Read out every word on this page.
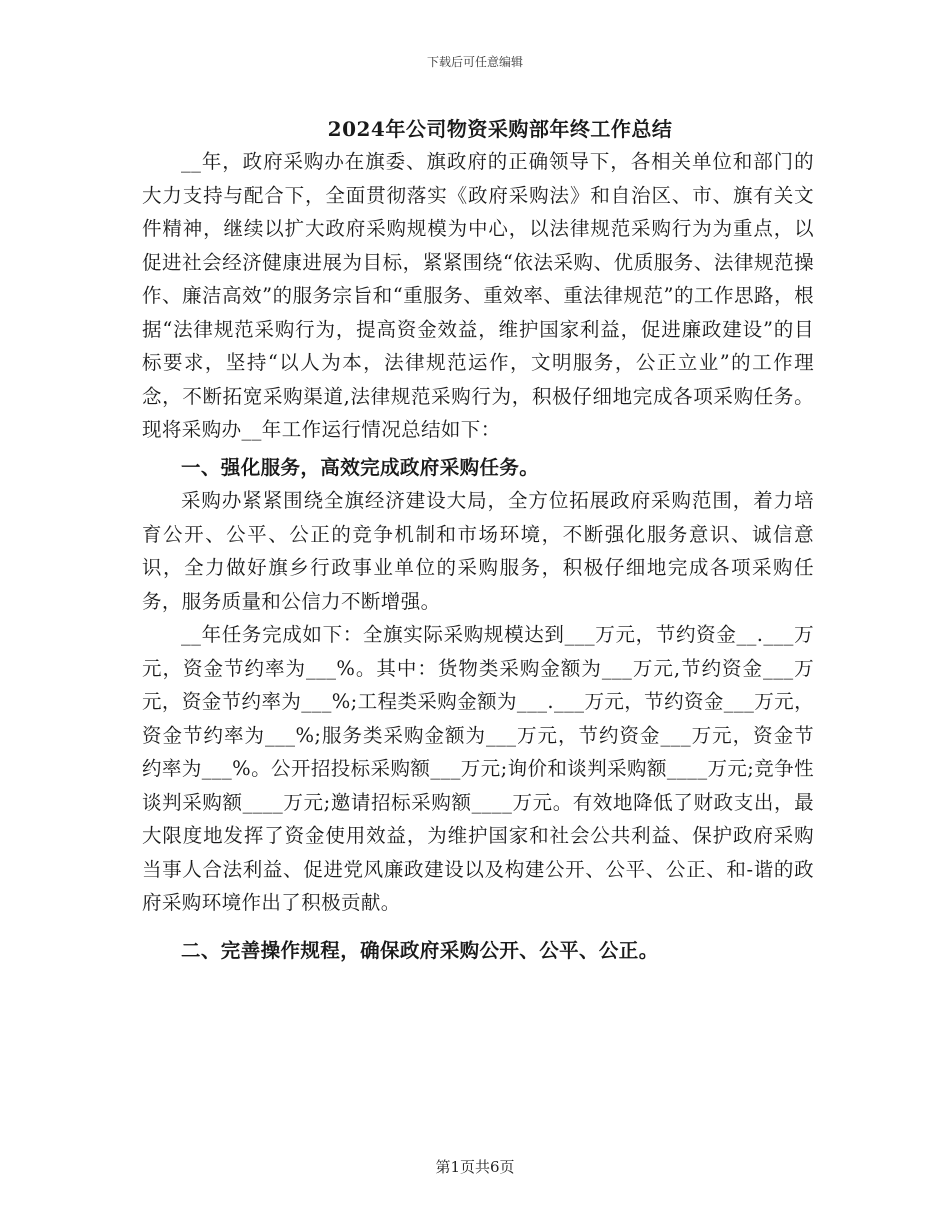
下载后可任意编辑
2024年公司物资采购部年终工作总结

__年，政府采购办在旗委、旗政府的正确领导下，各相关单位和部门的大力支持与配合下，全面贯彻落实《政府采购法》和自治区、市、旗有关文件精神，继续以扩大政府采购规模为中心，以法律规范采购行为为重点，以促进社会经济健康进展为目标，紧紧围绕“依法采购、优质服务、法律规范操作、廉洁高效”的服务宗旨和“重服务、重效率、重法律规范”的工作思路，根据“法律规范采购行为，提高资金效益，维护国家利益，促进廉政建设”的目标要求，坚持“以人为本，法律规范运作，文明服务，公正立业”的工作理念，不断拓宽采购渠道,法律规范采购行为，积极仔细地完成各项采购任务。现将采购办__年工作运行情况总结如下：

一、强化服务，高效完成政府采购任务。

采购办紧紧围绕全旗经济建设大局，全方位拓展政府采购范围，着力培育公开、公平、公正的竞争机制和市场环境，不断强化服务意识、诚信意识，全力做好旗乡行政事业单位的采购服务，积极仔细地完成各项采购任务，服务质量和公信力不断增强。

__年任务完成如下：全旗实际采购规模达到___万元，节约资金__.___万元，资金节约率为___%。其中：货物类采购金额为___万元,节约资金___万元，资金节约率为___%;工程类采购金额为___.___万元，节约资金___万元，资金节约率为___%;服务类采购金额为___万元，节约资金___万元，资金节约率为___%。公开招投标采购额___万元;询价和谈判采购额____万元;竞争性谈判采购额____万元;邀请招标采购额____万元。有效地降低了财政支出，最大限度地发挥了资金使用效益，为维护国家和社会公共利益、保护政府采购当事人合法利益、促进党风廉政建设以及构建公开、公平、公正、和-谐的政府采购环境作出了积极贡献。

二、完善操作规程，确保政府采购公开、公平、公正。

第1页共6页
